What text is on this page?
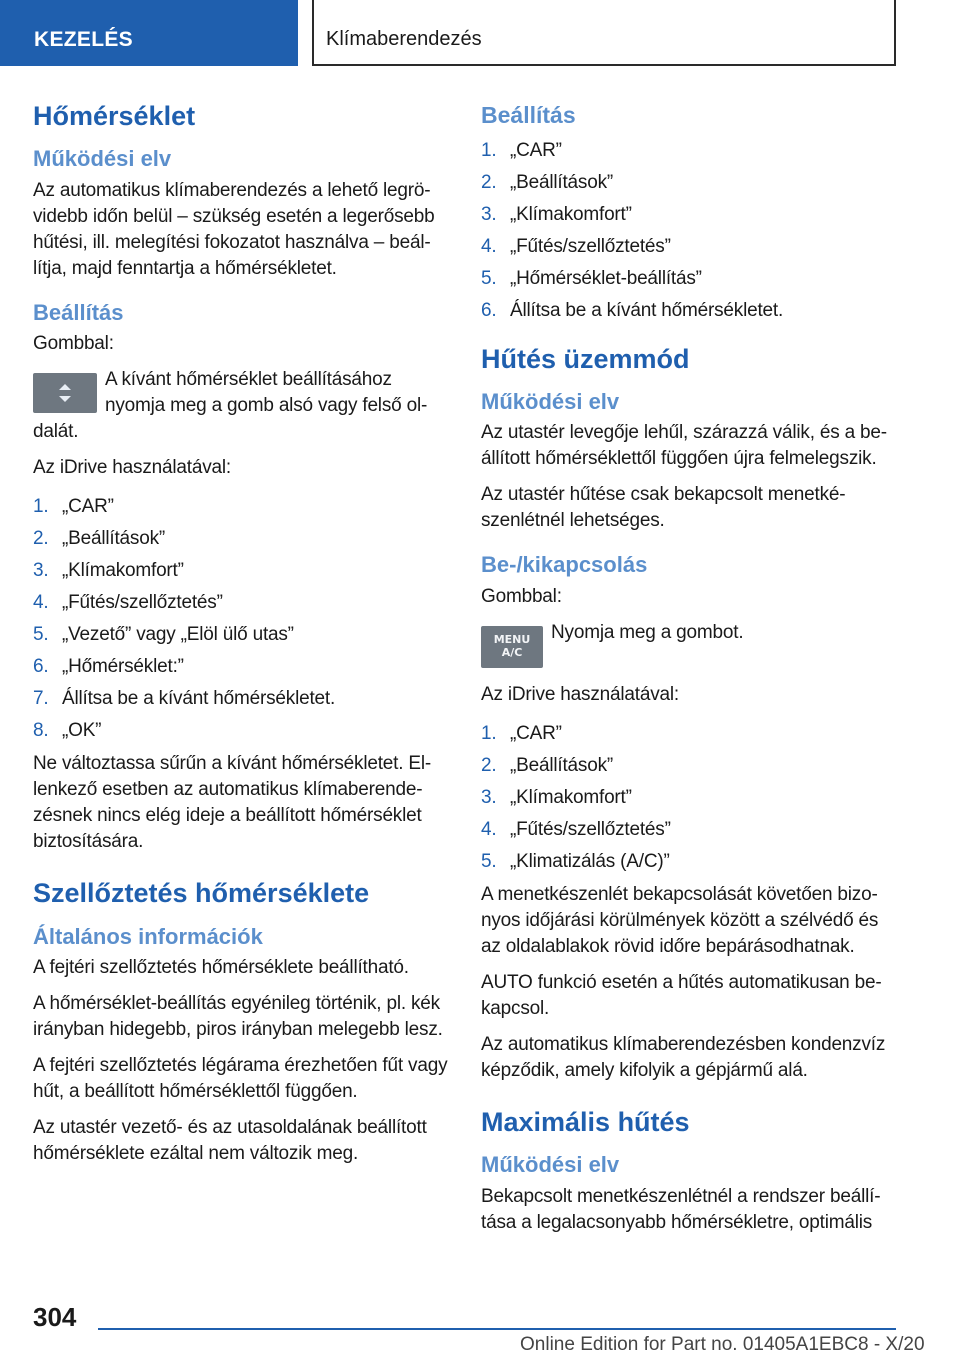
KEZELÉS	Klímaberendezés
Hőmérséklet
Működési elv
Az automatikus klímaberendezés a lehető legrövidebb időn belül – szükség esetén a legerősebb hűtési, ill. melegítési fokozatot használva – beállítja, majd fenntartja a hőmérsékletet.
Beállítás
Gombbal:
A kívánt hőmérséklet beállításához nyomja meg a gomb alsó vagy felső oldalát.
Az iDrive használatával:
1. „CAR”
2. „Beállítások”
3. „Klímakomfort”
4. „Fűtés/szellőztetés”
5. „Vezető” vagy „Elöl ülő utas”
6. „Hőmérséklet:”
7. Állítsa be a kívánt hőmérsékletet.
8. „OK”
Ne változtassa sűrűn a kívánt hőmérsékletet. Ellenkező esetben az automatikus klímaberendezésnek nincs elég ideje a beállított hőmérséklet biztosítására.
Szellőztetés hőmérséklete
Általános információk
A fejtéri szellőztetés hőmérséklete beállítható.
A hőmérséklet-beállítás egyénileg történik, pl. kék irányban hidegebb, piros irányban melegebb lesz.
A fejtéri szellőztetés légárama érezhetően fűt vagy hűt, a beállított hőmérséklettől függően.
Az utastér vezető- és az utasoldalának beállított hőmérséklete ezáltal nem változik meg.
Beállítás
1. „CAR”
2. „Beállítások”
3. „Klímakomfort”
4. „Fűtés/szellőztetés”
5. „Hőmérséklet-beállítás”
6. Állítsa be a kívánt hőmérsékletet.
Hűtés üzemmód
Működési elv
Az utastér levegője lehűl, szárazzá válik, és a beállított hőmérséklettől függően újra felmelegszik.
Az utastér hűtése csak bekapcsolt menetkészenlétnél lehetséges.
Be-/kikapcsolás
Gombbal:
MENU
A/C
Nyomja meg a gombot.
Az iDrive használatával:
1. „CAR”
2. „Beállítások”
3. „Klímakomfort”
4. „Fűtés/szellőztetés”
5. „Klimatizálás (A/C)”
A menetkészenlét bekapcsolását követően bizonyos időjárási körülmények között a szélvédő és az oldalablakok rövid időre bepárásodhatnak.
AUTO funkció esetén a hűtés automatikusan bekapcsol.
Az automatikus klímaberendezésben kondenzvíz képződik, amely kifolyik a gépjármű alá.
Maximális hűtés
Működési elv
Bekapcsolt menetkészenlétnél a rendszer beállítása a legalacsonyabb hőmérsékletre, optimális
304
Online Edition for Part no. 01405A1EBC8 - X/20
